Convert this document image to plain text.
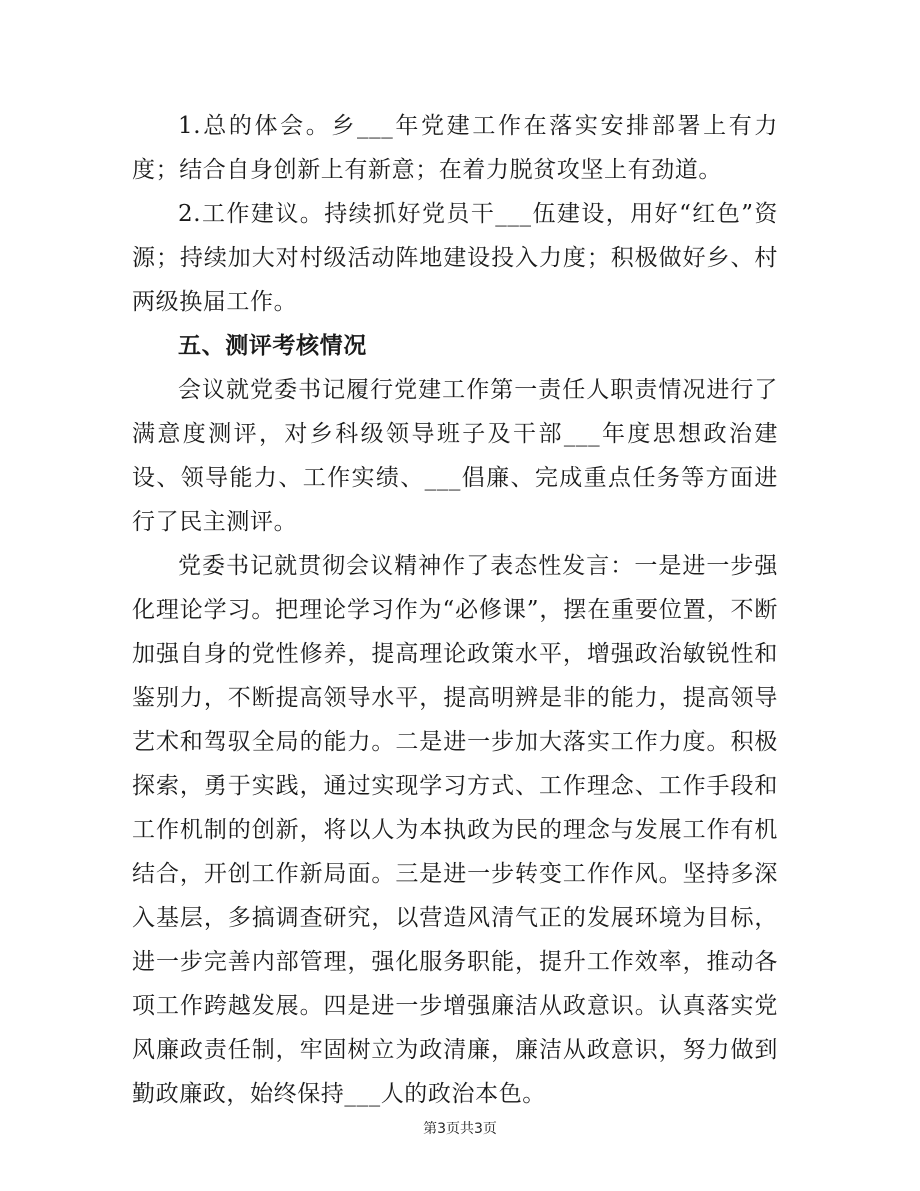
1.总的体会。乡___年党建工作在落实安排部署上有力度；结合自身创新上有新意；在着力脱贫攻坚上有劲道。

2.工作建议。持续抓好党员干___伍建设，用好“红色”资源；持续加大对村级活动阵地建设投入力度；积极做好乡、村两级换届工作。

五、测评考核情况

会议就党委书记履行党建工作第一责任人职责情况进行了满意度测评，对乡科级领导班子及干部___年度思想政治建设、领导能力、工作实绩、___倡廉、完成重点任务等方面进行了民主测评。

党委书记就贯彻会议精神作了表态性发言：一是进一步强化理论学习。把理论学习作为“必修课”，摆在重要位置，不断加强自身的党性修养，提高理论政策水平，增强政治敏锐性和鉴别力，不断提高领导水平，提高明辨是非的能力，提高领导艺术和驾驭全局的能力。二是进一步加大落实工作力度。积极探索，勇于实践，通过实现学习方式、工作理念、工作手段和工作机制的创新，将以人为本执政为民的理念与发展工作有机结合，开创工作新局面。三是进一步转变工作作风。坚持多深入基层，多搞调查研究，以营造风清气正的发展环境为目标，进一步完善内部管理，强化服务职能，提升工作效率，推动各项工作跨越发展。四是进一步增强廉洁从政意识。认真落实党风廉政责任制，牢固树立为政清廉，廉洁从政意识，努力做到勤政廉政，始终保持___人的政治本色。

第3页共3页
